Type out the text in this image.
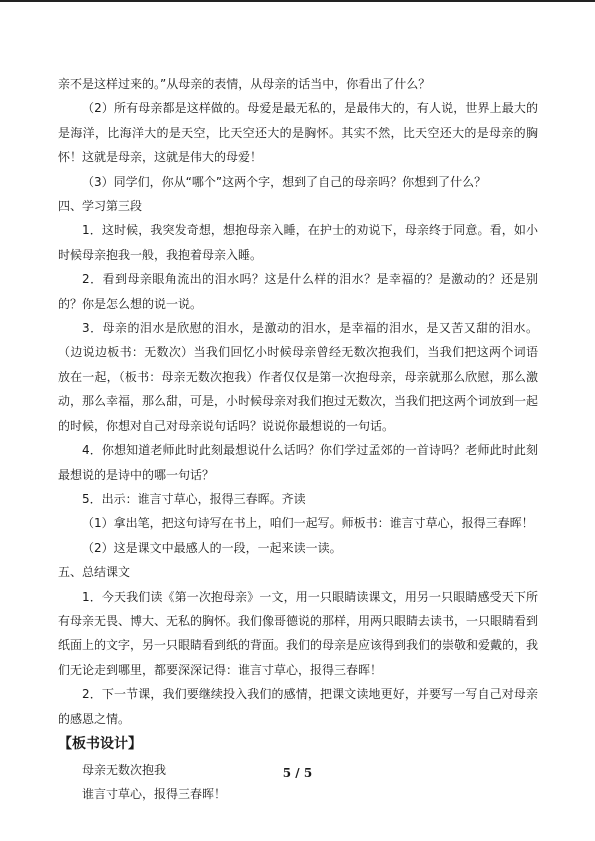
亲不是这样过来的。”从母亲的表情，从母亲的话当中，你看出了什么？

（2）所有母亲都是这样做的。母爱是最无私的，是最伟大的，有人说，世界上最大的是海洋，比海洋大的是天空，比天空还大的是胸怀。其实不然，比天空还大的是母亲的胸怀！这就是母亲，这就是伟大的母爱！

（3）同学们，你从“哪个”这两个字，想到了自己的母亲吗？你想到了什么？

四、学习第三段

1．这时候，我突发奇想，想抱母亲入睡，在护士的劝说下，母亲终于同意。看，如小时候母亲抱我一般，我抱着母亲入睡。

2．看到母亲眼角流出的泪水吗？这是什么样的泪水？是幸福的？是激动的？还是别的？你是怎么想的说一说。

3．母亲的泪水是欣慰的泪水，是激动的泪水，是幸福的泪水，是又苦又甜的泪水。（边说边板书：无数次）当我们回忆小时候母亲曾经无数次抱我们，当我们把这两个词语放在一起，（板书：母亲无数次抱我）作者仅仅是第一次抱母亲，母亲就那么欣慰，那么激动，那么幸福，那么甜，可是，小时候母亲对我们抱过无数次，当我们把这两个词放到一起的时候，你想对自己对母亲说句话吗？说说你最想说的一句话。

4．你想知道老师此时此刻最想说什么话吗？你们学过孟郊的一首诗吗？老师此时此刻最想说的是诗中的哪一句话？

5．出示：谁言寸草心，报得三春晖。齐读

（1）拿出笔，把这句诗写在书上，咱们一起写。师板书：谁言寸草心，报得三春晖！

（2）这是课文中最感人的一段，一起来读一读。

五、总结课文

1．今天我们读《第一次抱母亲》一文，用一只眼睛读课文，用另一只眼睛感受天下所有母亲无畏、博大、无私的胸怀。我们像哥德说的那样，用两只眼睛去读书，一只眼睛看到纸面上的文字，另一只眼睛看到纸的背面。我们的母亲是应该得到我们的崇敬和爱戴的，我们无论走到哪里，都要深深记得：谁言寸草心，报得三春晖！

2．下一节课，我们要继续投入我们的感情，把课文读地更好，并要写一写自己对母亲的感恩之情。

【板书设计】

母亲无数次抱我

谁言寸草心，报得三春晖！

5 / 5
